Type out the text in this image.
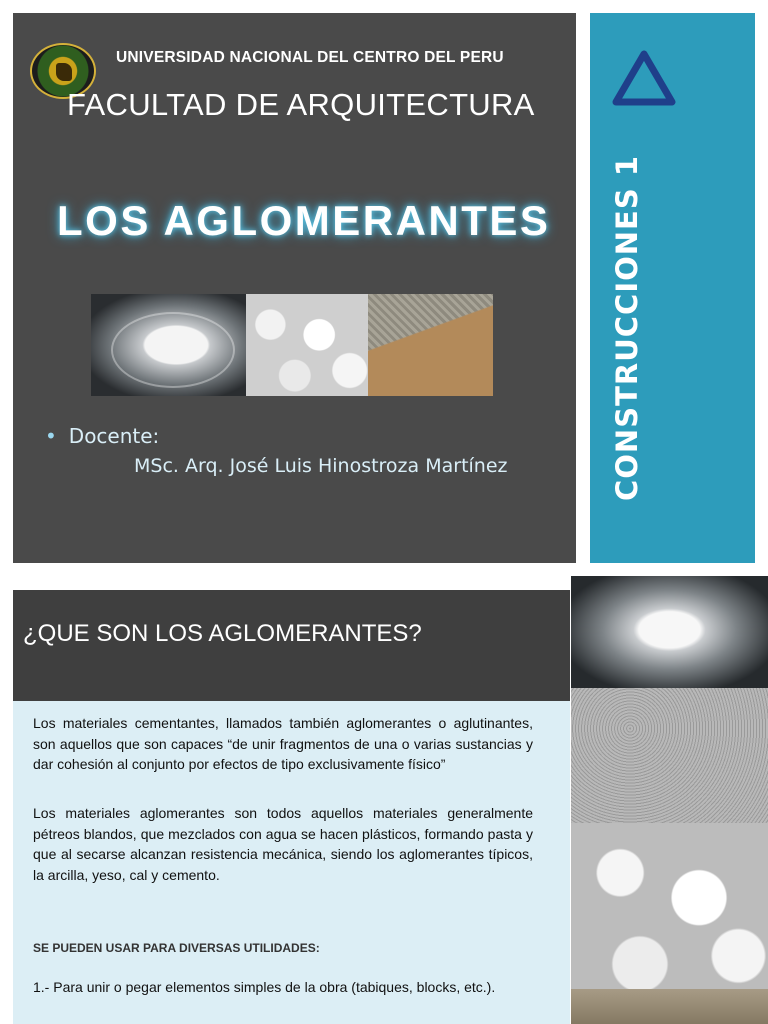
UNIVERSIDAD NACIONAL DEL CENTRO DEL PERU
FACULTAD DE ARQUITECTURA
LOS AGLOMERANTES
• Docente:
MSc. Arq. José Luis Hinostroza Martínez	CONSTRUCCIONES 1
¿QUE SON LOS AGLOMERANTES?

Los materiales cementantes, llamados también aglomerantes o aglutinantes, son aquellos que son capaces “de unir fragmentos de una o varias sustancias y dar cohesión al conjunto por efectos de tipo exclusivamente físico”

Los materiales aglomerantes son todos aquellos materiales generalmente pétreos blandos, que mezclados con agua se hacen plásticos, formando pasta y que al secarse alcanzan resistencia mecánica, siendo los aglomerantes típicos, la arcilla, yeso, cal y cemento.

SE PUEDEN USAR PARA DIVERSAS UTILIDADES:

1.- Para unir o pegar elementos simples de la obra (tabiques, blocks, etc.).
